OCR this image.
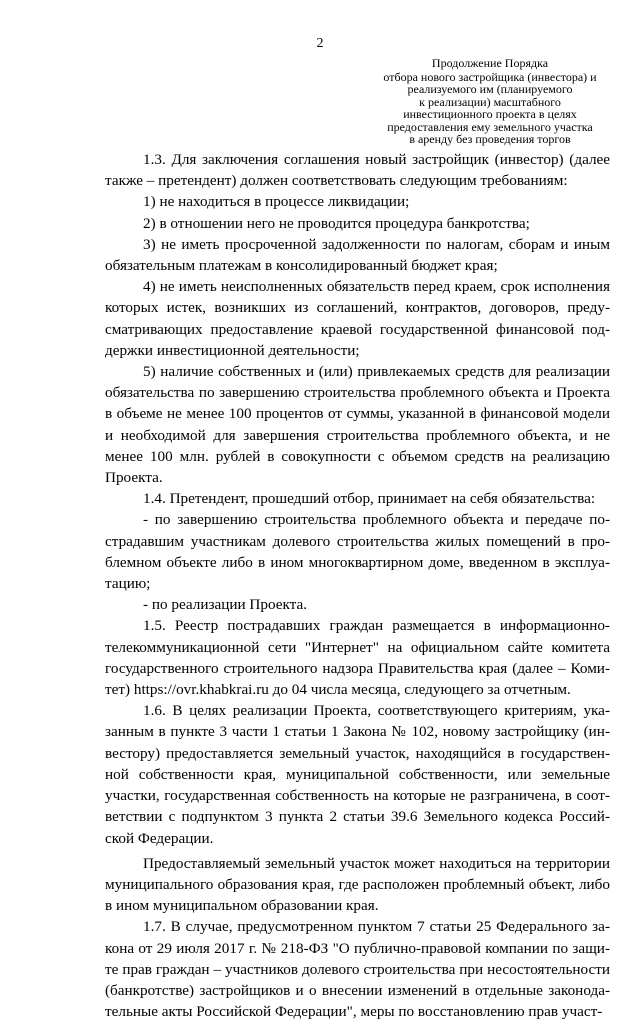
2
Продолжение Порядка
отбора нового застройщика (инвестора) и
реализуемого им (планируемого
к реализации) масштабного
инвестиционного проекта в целях
предоставления ему земельного участка
в аренду без проведения торгов

1.3. Для заключения соглашения новый застройщик (инвестор) (далее также – претендент) должен соответствовать следующим требованиям:

1) не находиться в процессе ликвидации;

2) в отношении него не проводится процедура банкротства;

3) не иметь просроченной задолженности по налогам, сборам и иным обязательным платежам в консолидированный бюджет края;

4) не иметь неисполненных обязательств перед краем, срок исполнения которых истек, возникших из соглашений, контрактов, договоров, предусматривающих предоставление краевой государственной финансовой поддержки инвестиционной деятельности;

5) наличие собственных и (или) привлекаемых средств для реализации обязательства по завершению строительства проблемного объекта и Проекта в объеме не менее 100 процентов от суммы, указанной в финансовой модели и необходимой для завершения строительства проблемного объекта, и не менее 100 млн. рублей в совокупности с объемом средств на реализацию Проекта.

1.4. Претендент, прошедший отбор, принимает на себя обязательства:

- по завершению строительства проблемного объекта и передаче пострадавшим участникам долевого строительства жилых помещений в проблемном объекте либо в ином многоквартирном доме, введенном в эксплуатацию;

- по реализации Проекта.

1.5. Реестр пострадавших граждан размещается в информационно-телекоммуникационной сети "Интернет" на официальном сайте комитета государственного строительного надзора Правительства края (далее – Комитет) https://ovr.khabkrai.ru до 04 числа месяца, следующего за отчетным.

1.6. В целях реализации Проекта, соответствующего критериям, указанным в пункте 3 части 1 статьи 1 Закона № 102, новому застройщику (инвестору) предоставляется земельный участок, находящийся в государственной собственности края, муниципальной собственности, или земельные участки, государственная собственность на которые не разграничена, в соответствии с подпунктом 3 пункта 2 статьи 39.6 Земельного кодекса Российской Федерации.

Предоставляемый земельный участок может находиться на территории муниципального образования края, где расположен проблемный объект, либо в ином муниципальном образовании края.

1.7. В случае, предусмотренном пунктом 7 статьи 25 Федерального закона от 29 июля 2017 г. № 218-ФЗ "О публично-правовой компании по защите прав граждан – участников долевого строительства при несостоятельности (банкротстве) застройщиков и о внесении изменений в отдельные законодательные акты Российской Федерации", меры по восстановлению прав участ-
